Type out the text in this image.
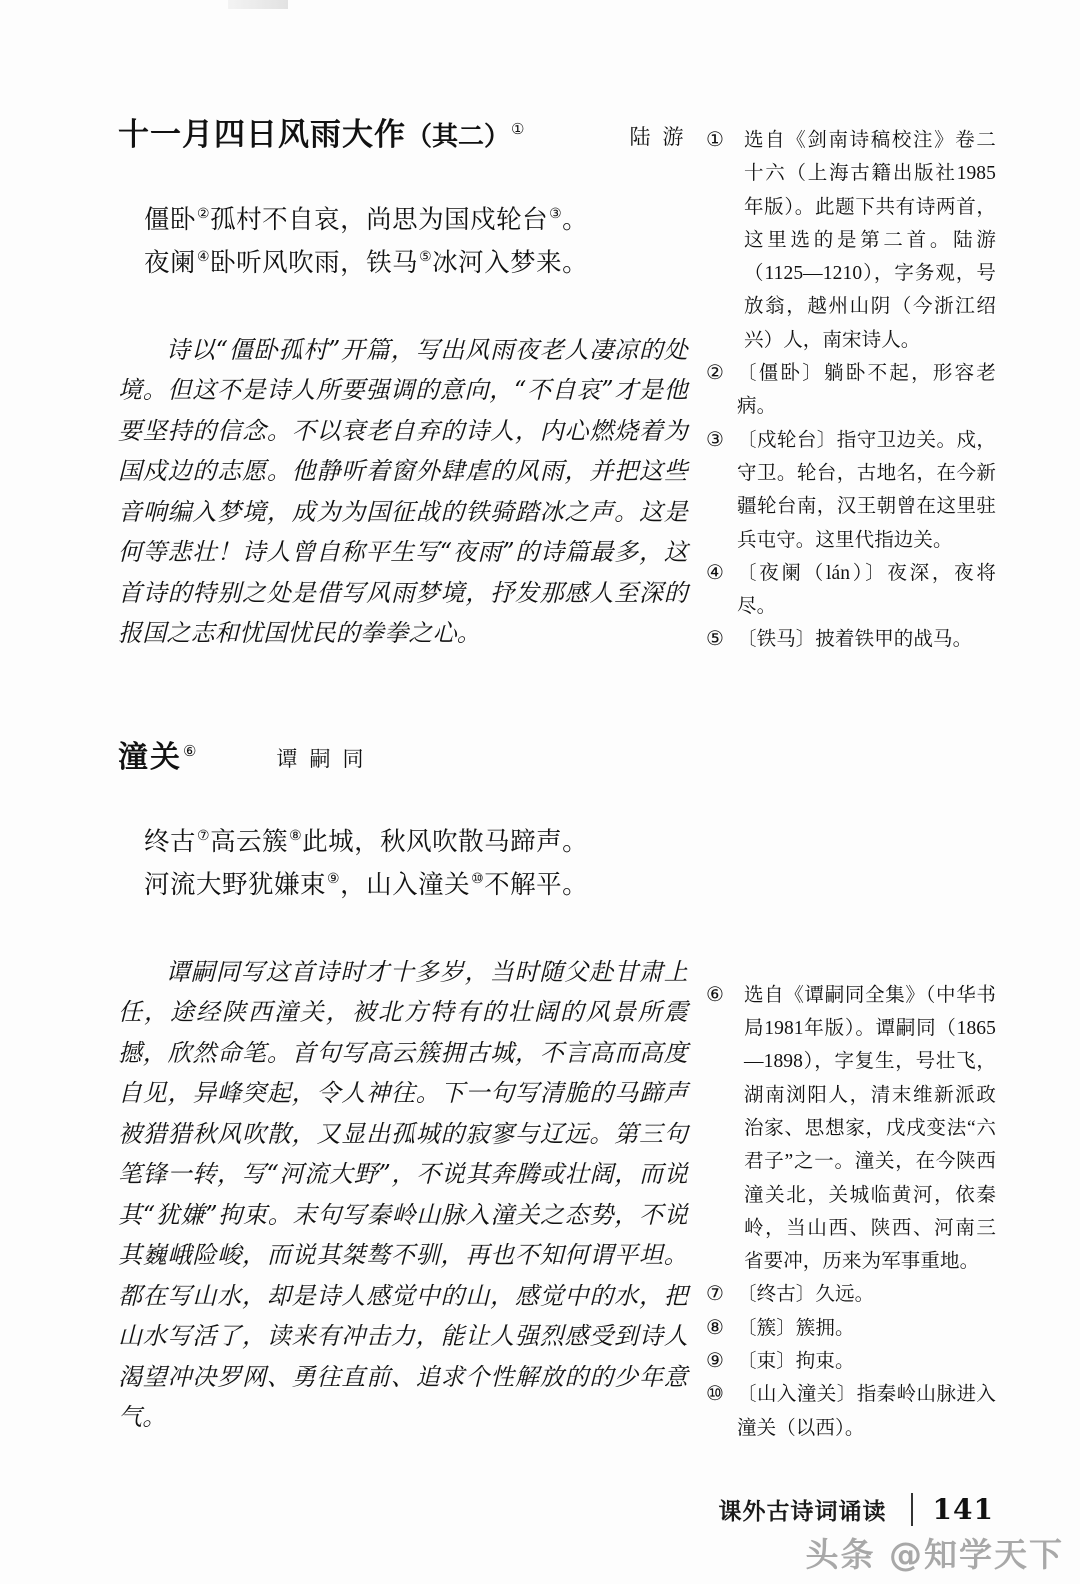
十一月四日风雨大作（其二）①	陆游
僵卧②孤村不自哀，尚思为国戍轮台③。
夜阑④卧听风吹雨，铁马⑤冰河入梦来。
诗以“僵卧孤村”开篇，写出风雨夜老人凄凉的处境。但这不是诗人所要强调的意向，“不自哀”才是他要坚持的信念。不以衰老自弃的诗人，内心燃烧着为国戍边的志愿。他静听着窗外肆虐的风雨，并把这些音响编入梦境，成为为国征战的铁骑踏冰之声。这是何等悲壮！诗人曾自称平生写“夜雨”的诗篇最多，这首诗的特别之处是借写风雨梦境，抒发那感人至深的报国之志和忧国忧民的拳拳之心。
潼关⑥	谭嗣同
终古⑦高云簇⑧此城，秋风吹散马蹄声。
河流大野犹嫌束⑨，山入潼关⑩不解平。
谭嗣同写这首诗时才十多岁，当时随父赴甘肃上任，途经陕西潼关，被北方特有的壮阔的风景所震撼，欣然命笔。首句写高云簇拥古城，不言高而高度自见，异峰突起，令人神往。下一句写清脆的马蹄声被猎猎秋风吹散，又显出孤城的寂寥与辽远。第三句笔锋一转，写“河流大野”，不说其奔腾或壮阔，而说其“犹嫌”拘束。末句写秦岭山脉入潼关之态势，不说其巍峨险峻，而说其桀骜不驯，再也不知何谓平坦。都在写山水，却是诗人感觉中的山，感觉中的水，把山水写活了，读来有冲击力，能让人强烈感受到诗人渴望冲决罗网、勇往直前、追求个性解放的的少年意气。
①	选自《剑南诗稿校注》卷二十六（上海古籍出版社1985年版）。此题下共有诗两首，这里选的是第二首。陆游（1125—1210），字务观，号放翁，越州山阴（今浙江绍兴）人，南宋诗人。
② 〔僵卧〕躺卧不起，形容老病。
③ 〔戍轮台〕指守卫边关。戍，守卫。轮台，古地名，在今新疆轮台南，汉王朝曾在这里驻兵屯守。这里代指边关。
④ 〔夜阑（lán）〕夜深，夜将尽。
⑤ 〔铁马〕披着铁甲的战马。
⑥	选自《谭嗣同全集》（中华书局1981年版）。谭嗣同（1865—1898），字复生，号壮飞，湖南浏阳人，清末维新派政治家、思想家，戊戌变法“六君子”之一。潼关，在今陕西潼关北，关城临黄河，依秦岭，当山西、陕西、河南三省要冲，历来为军事重地。
⑦ 〔终古〕久远。
⑧ 〔簇〕簇拥。
⑨ 〔束〕拘束。
⑩ 〔山入潼关〕指秦岭山脉进入潼关（以西）。
课外古诗词诵读 141
头条 @知学天下
